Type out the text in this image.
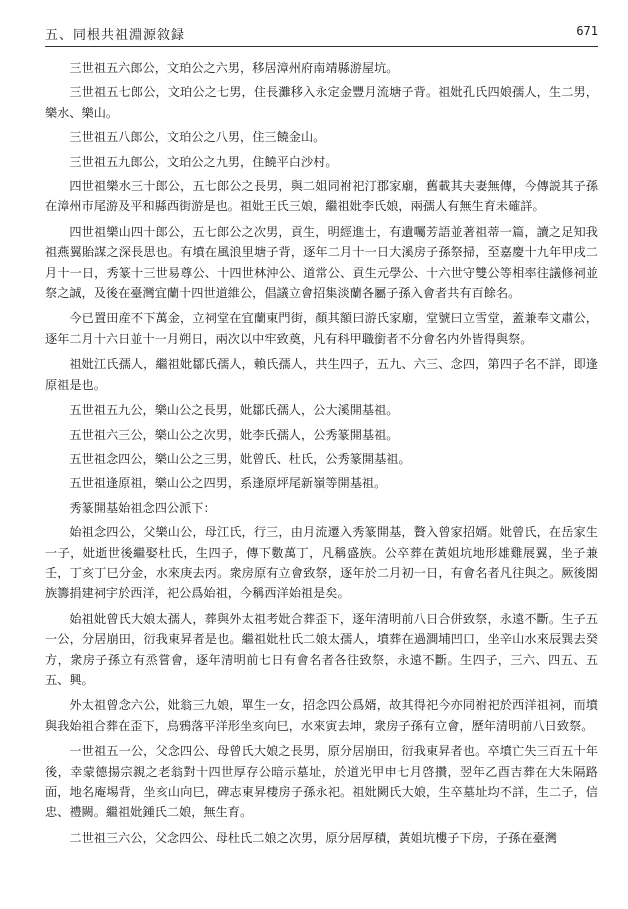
五、同根共祖淵源敘録	671

三世祖五六郎公，文珀公之六男，移居漳州府南靖縣游屋坑。

三世祖五七郎公，文珀公之七男，住長灘移入永定金豐月流塘子背。祖妣孔氏四娘孺人，生二男，樂水、樂山。

三世祖五八郎公，文珀公之八男，住三饒金山。

三世祖五九郎公，文珀公之九男，住饒平白沙村。

四世祖樂水三十郎公，五七郎公之長男，與二姐同祔祀汀郡家廟，舊載其夫妻無傳，今傳説其子孫在漳州市尾游及平和縣西街游是也。祖妣王氏三娘，繼祖妣李氏娘，兩孺人有無生育未確詳。

四世祖樂山四十郎公，五七郎公之次男，貢生，明經進士，有遺囑芳語並著祖蒂一篇，讀之足知我祖燕翼貽謀之深長思也。有墳在風浪里塘子背，逐年二月十一日大溪房子孫祭掃，至嘉慶十九年甲戌二月十一日，秀篆十三世易尊公、十四世林沖公、道常公、貢生元學公、十六世守雙公等相率往議修祠並祭之誠，及後在臺灣宜蘭十四世道維公，倡議立會招集淡蘭各屬子孫入會者共有百餘名。

今已置田産不下萬金，立祠堂在宜蘭東門街，顏其額曰游氏家廟，堂號曰立雪堂，蓋兼奉文肅公，逐年二月十六日並十一月朔日，兩次以中牢致奠，凡有科甲職銜者不分會名内外皆得與祭。

祖妣江氏孺人，繼祖妣鄒氏孺人，賴氏孺人，共生四子，五九、六三、念四，第四子名不詳，即逢原祖是也。

五世祖五九公，樂山公之長男，妣鄒氏孺人，公大溪開基祖。

五世祖六三公，樂山公之次男，妣李氏孺人，公秀篆開基祖。

五世祖念四公，樂山公之三男，妣曾氏、杜氏，公秀篆開基祖。

五世祖逢原祖，樂山公之四男，系逢原坪尾新嶺等開基祖。

秀篆開基始祖念四公派下：

始祖念四公，父樂山公，母江氏，行三，由月流遷入秀篆開基，贅入曾家招婿。妣曾氏，在岳家生一子，妣逝世後繼娶杜氏，生四子，傳下數萬丁，凡稱盛族。公卒葬在黃姐坑地形雄雞展翼，坐子兼壬，丁亥丁巳分金，水來庚去丙。衆房原有立會致祭，逐年於二月初一日，有會名者凡往與之。厥後閤族籌捐建祠宇於西洋，祀公爲始祖，今稱西洋始祖是矣。

始祖妣曾氏大娘太孺人，葬與外太祖考妣合葬歪下，逐年清明前八日合併致祭，永遠不斷。生子五一公，分居崩田，衍我東昇者是也。繼祖妣杜氏二娘太孺人，墳葬在過澗埔凹口，坐辛山水來辰巽去癸方，衆房子孫立有烝嘗會，逐年清明前七日有會名者各往致祭，永遠不斷。生四子，三六、四五、五五、興。

外太祖曾念六公，妣翁三九娘，單生一女，招念四公爲婿，故其得祀今亦同祔祀於西洋祖祠，而墳與我始祖合葬在歪下，烏鴉落平洋形坐亥向巳，水來寅去坤，衆房子孫有立會，歷年清明前八日致祭。

一世祖五一公，父念四公、母曾氏大娘之長男，原分居崩田，衍我東昇者也。卒墳亡失三百五十年後，幸蒙德揚宗親之老翁對十四世厚存公暗示墓址，於道光甲申七月啓攢，翌年乙酉吉葬在大朱隔路面，地名庵埸背，坐亥山向巳，碑志東昇棲房子孫永祀。祖妣闕氏大娘，生卒墓址均不詳，生二子，信忠、禮闕。繼祖妣鍾氏二娘，無生育。

二世祖三六公，父念四公、母杜氏二娘之次男，原分居厚積，黃姐坑樓子下房，子孫在臺灣
